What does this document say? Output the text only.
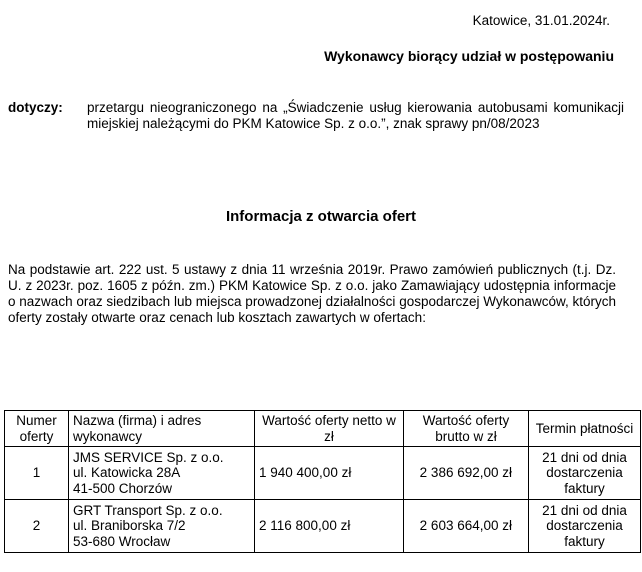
Katowice, 31.01.2024r.
Wykonawcy biorący udział w postępowaniu
dotyczy: przetargu nieograniczonego na „Świadczenie usług kierowania autobusami komunikacji miejskiej należącymi do PKM Katowice Sp. z o.o.”, znak sprawy pn/08/2023
Informacja z otwarcia ofert
Na podstawie art. 222 ust. 5 ustawy z dnia 11 września 2019r. Prawo zamówień publicznych (t.j. Dz. U. z 2023r. poz. 1605 z późn. zm.) PKM Katowice Sp. z o.o. jako Zamawiający udostępnia informacje o nazwach oraz siedzibach lub miejsca prowadzonej działalności gospodarczej Wykonawców, których oferty zostały otwarte oraz cenach lub kosztach zawartych w ofertach:
Numer oferty	Nazwa (firma) i adres wykonawcy	Wartość oferty netto w zł	Wartość oferty brutto w zł	Termin płatności
1	JMS SERVICE Sp. z o.o.
ul. Katowicka 28A
41-500 Chorzów	1 940 400,00 zł	2 386 692,00 zł	21 dni od dnia dostarczenia faktury
2	GRT Transport Sp. z o.o.
ul. Braniborska 7/2
53-680 Wrocław	2 116 800,00 zł	2 603 664,00 zł	21 dni od dnia dostarczenia faktury
